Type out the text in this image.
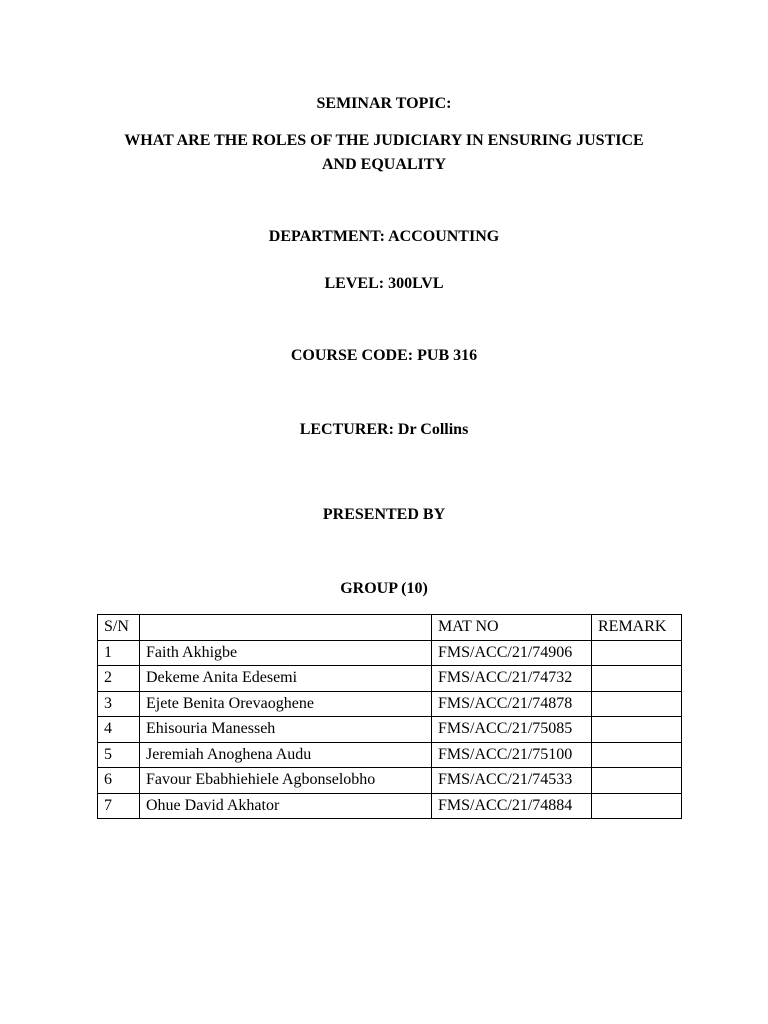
SEMINAR TOPIC:
WHAT ARE THE ROLES OF THE JUDICIARY IN ENSURING JUSTICE
AND EQUALITY
DEPARTMENT: ACCOUNTING
LEVEL: 300LVL
COURSE CODE: PUB 316
LECTURER: Dr Collins
PRESENTED BY
GROUP (10)
S/N		MAT NO	REMARK
1	Faith Akhigbe	FMS/ACC/21/74906	
2	Dekeme Anita Edesemi	FMS/ACC/21/74732	
3	Ejete Benita Orevaoghene	FMS/ACC/21/74878	
4	Ehisouria Manesseh	FMS/ACC/21/75085	
5	Jeremiah Anoghena Audu	FMS/ACC/21/75100	
6	Favour Ebabhiehiele Agbonselobho	FMS/ACC/21/74533	
7	Ohue David Akhator	FMS/ACC/21/74884	
